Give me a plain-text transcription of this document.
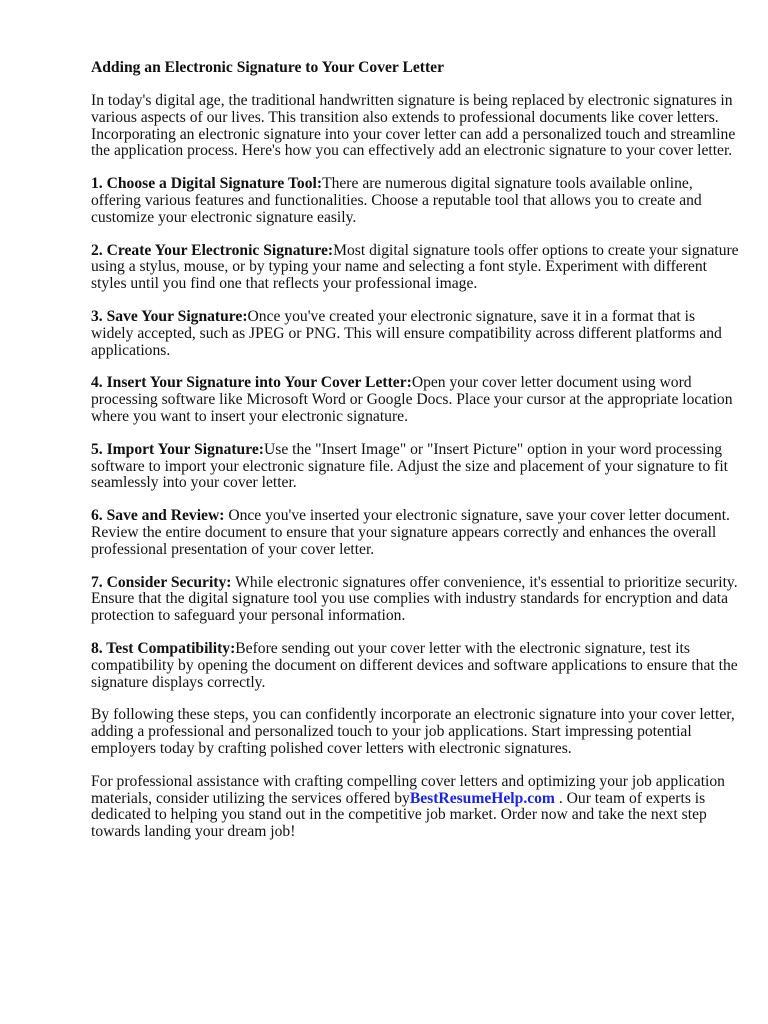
Adding an Electronic Signature to Your Cover Letter

In today's digital age, the traditional handwritten signature is being replaced by electronic signatures in various aspects of our lives. This transition also extends to professional documents like cover letters. Incorporating an electronic signature into your cover letter can add a personalized touch and streamline the application process. Here's how you can effectively add an electronic signature to your cover letter.

1. Choose a Digital Signature Tool:There are numerous digital signature tools available online, offering various features and functionalities. Choose a reputable tool that allows you to create and customize your electronic signature easily.

2. Create Your Electronic Signature:Most digital signature tools offer options to create your signature using a stylus, mouse, or by typing your name and selecting a font style. Experiment with different styles until you find one that reflects your professional image.

3. Save Your Signature:Once you've created your electronic signature, save it in a format that is widely accepted, such as JPEG or PNG. This will ensure compatibility across different platforms and applications.

4. Insert Your Signature into Your Cover Letter:Open your cover letter document using word processing software like Microsoft Word or Google Docs. Place your cursor at the appropriate location where you want to insert your electronic signature.

5. Import Your Signature:Use the "Insert Image" or "Insert Picture" option in your word processing software to import your electronic signature file. Adjust the size and placement of your signature to fit seamlessly into your cover letter.

6. Save and Review: Once you've inserted your electronic signature, save your cover letter document. Review the entire document to ensure that your signature appears correctly and enhances the overall professional presentation of your cover letter.

7. Consider Security: While electronic signatures offer convenience, it's essential to prioritize security. Ensure that the digital signature tool you use complies with industry standards for encryption and data protection to safeguard your personal information.

8. Test Compatibility:Before sending out your cover letter with the electronic signature, test its compatibility by opening the document on different devices and software applications to ensure that the signature displays correctly.

By following these steps, you can confidently incorporate an electronic signature into your cover letter, adding a professional and personalized touch to your job applications. Start impressing potential employers today by crafting polished cover letters with electronic signatures.

For professional assistance with crafting compelling cover letters and optimizing your job application materials, consider utilizing the services offered byBestResumeHelp.com . Our team of experts is dedicated to helping you stand out in the competitive job market. Order now and take the next step towards landing your dream job!
